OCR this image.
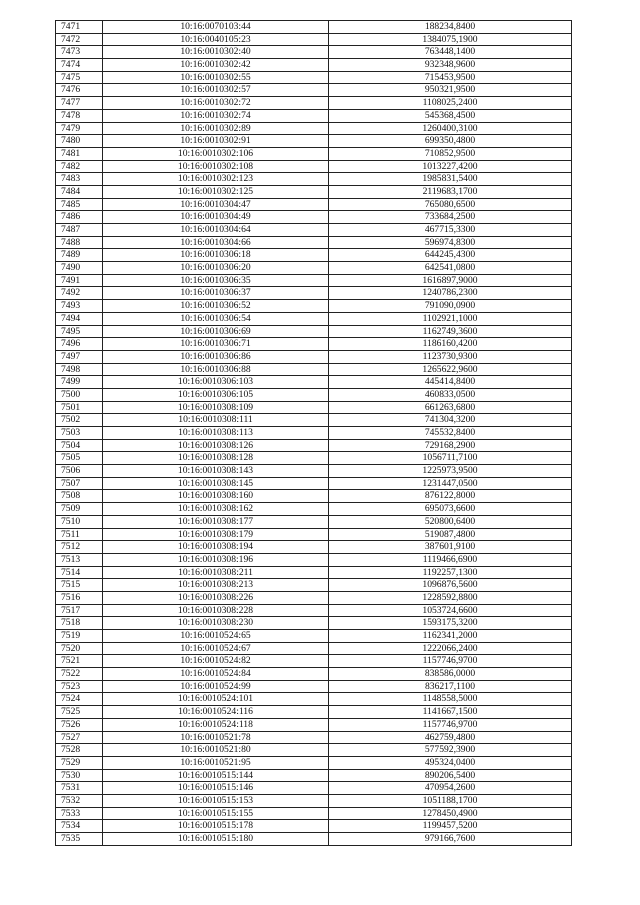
7471	10:16:0070103:44	188234,8400
7472	10:16:0040105:23	1384075,1900
7473	10:16:0010302:40	763448,1400
7474	10:16:0010302:42	932348,9600
7475	10:16:0010302:55	715453,9500
7476	10:16:0010302:57	950321,9500
7477	10:16:0010302:72	1108025,2400
7478	10:16:0010302:74	545368,4500
7479	10:16:0010302:89	1260400,3100
7480	10:16:0010302:91	699350,4800
7481	10:16:0010302:106	710852,9500
7482	10:16:0010302:108	1013227,4200
7483	10:16:0010302:123	1985831,5400
7484	10:16:0010302:125	2119683,1700
7485	10:16:0010304:47	765080,6500
7486	10:16:0010304:49	733684,2500
7487	10:16:0010304:64	467715,3300
7488	10:16:0010304:66	596974,8300
7489	10:16:0010306:18	644245,4300
7490	10:16:0010306:20	642541,0800
7491	10:16:0010306:35	1616897,9000
7492	10:16:0010306:37	1240786,2300
7493	10:16:0010306:52	791090,0900
7494	10:16:0010306:54	1102921,1000
7495	10:16:0010306:69	1162749,3600
7496	10:16:0010306:71	1186160,4200
7497	10:16:0010306:86	1123730,9300
7498	10:16:0010306:88	1265622,9600
7499	10:16:0010306:103	445414,8400
7500	10:16:0010306:105	460833,0500
7501	10:16:0010308:109	661263,6800
7502	10:16:0010308:111	741304,3200
7503	10:16:0010308:113	745532,8400
7504	10:16:0010308:126	729168,2900
7505	10:16:0010308:128	1056711,7100
7506	10:16:0010308:143	1225973,9500
7507	10:16:0010308:145	1231447,0500
7508	10:16:0010308:160	876122,8000
7509	10:16:0010308:162	695073,6600
7510	10:16:0010308:177	520800,6400
7511	10:16:0010308:179	519087,4800
7512	10:16:0010308:194	387601,9100
7513	10:16:0010308:196	1119466,6900
7514	10:16:0010308:211	1192257,1300
7515	10:16:0010308:213	1096876,5600
7516	10:16:0010308:226	1228592,8800
7517	10:16:0010308:228	1053724,6600
7518	10:16:0010308:230	1593175,3200
7519	10:16:0010524:65	1162341,2000
7520	10:16:0010524:67	1222066,2400
7521	10:16:0010524:82	1157746,9700
7522	10:16:0010524:84	838586,0000
7523	10:16:0010524:99	836217,1100
7524	10:16:0010524:101	1148558,5000
7525	10:16:0010524:116	1141667,1500
7526	10:16:0010524:118	1157746,9700
7527	10:16:0010521:78	462759,4800
7528	10:16:0010521:80	577592,3900
7529	10:16:0010521:95	495324,0400
7530	10:16:0010515:144	890206,5400
7531	10:16:0010515:146	470954,2600
7532	10:16:0010515:153	1051188,1700
7533	10:16:0010515:155	1278450,4900
7534	10:16:0010515:178	1199457,5200
7535	10:16:0010515:180	979166,7600
